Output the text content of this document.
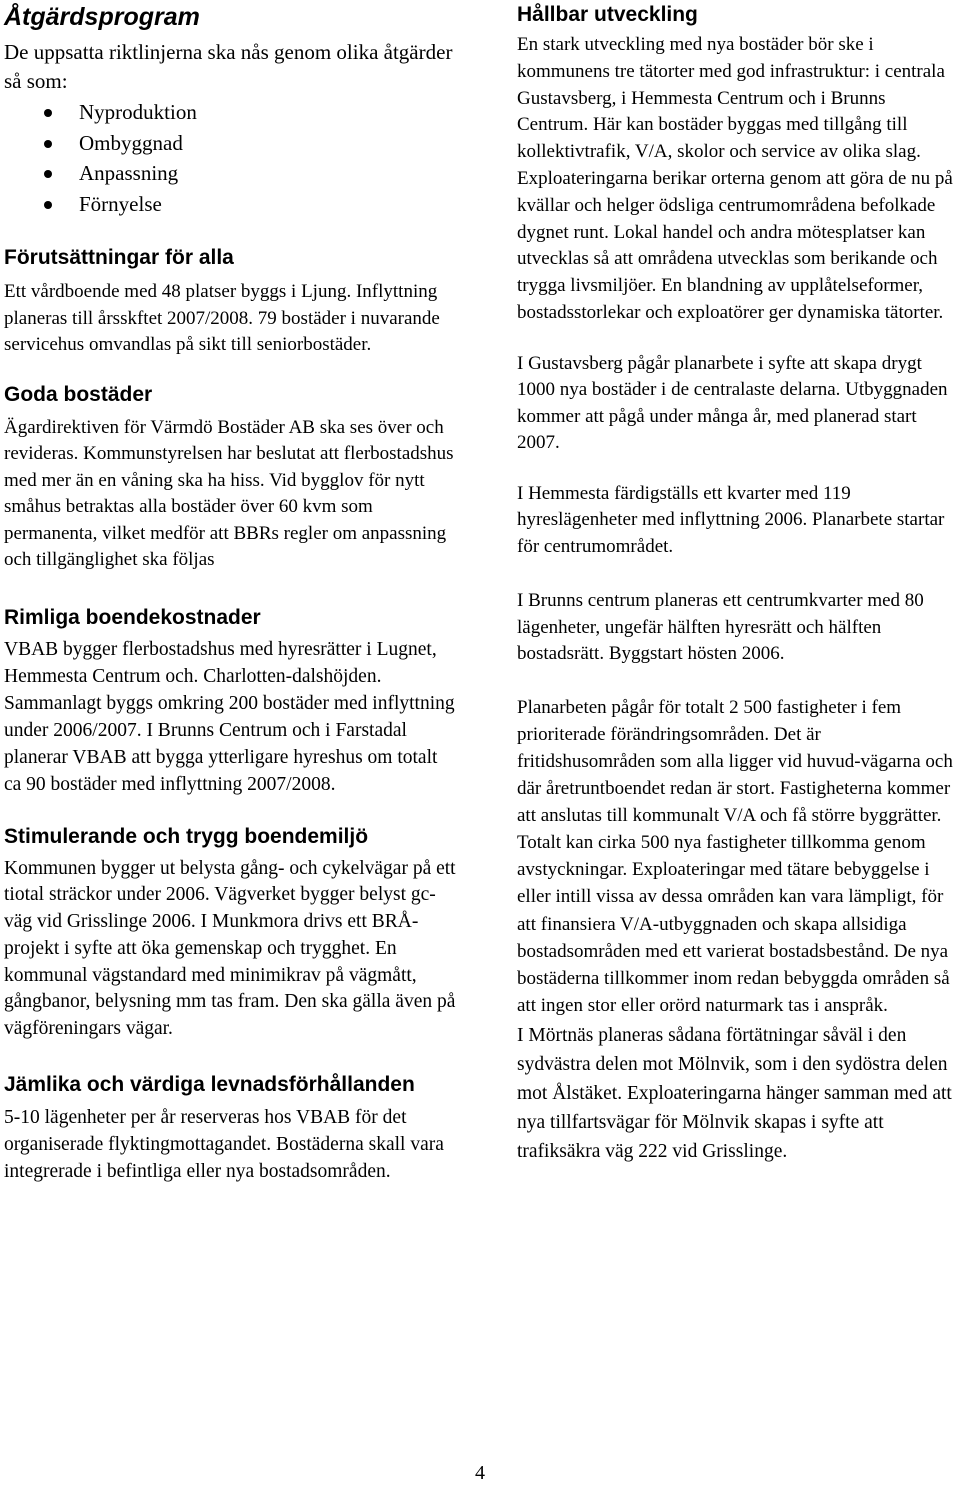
Åtgärdsprogram

De uppsatta riktlinjerna ska nås genom olika åtgärder så som:

Nyproduktion
Ombyggnad
Anpassning
Förnyelse
Förutsättningar för alla

Ett vårdboende med 48 platser byggs i Ljung. Inflyttning planeras till årsskftet 2007/2008. 79 bostäder i nuvarande servicehus omvandlas på sikt till seniorbostäder.

Goda bostäder

Ägardirektiven för Värmdö Bostäder AB ska ses över och revideras. Kommunstyrelsen har beslutat att flerbostadshus med mer än en våning ska ha hiss. Vid bygglov för nytt småhus betraktas alla bostäder över 60 kvm som permanenta, vilket medför att BBRs regler om anpassning och tillgänglighet ska följas

Rimliga boendekostnader

VBAB bygger flerbostadshus med hyresrätter i Lugnet, Hemmesta Centrum och. Charlotten-dalshöjden. Sammanlagt byggs omkring 200 bostäder med inflyttning under 2006/2007. I Brunns Centrum och i Farstadal planerar VBAB att bygga ytterligare hyreshus om totalt ca 90 bostäder med inflyttning 2007/2008.

Stimulerande och trygg boendemiljö

Kommunen bygger ut belysta gång- och cykelvägar på ett tiotal sträckor under 2006. Vägverket bygger belyst gc-väg vid Grisslinge 2006. I Munkmora drivs ett BRÅ-projekt i syfte att öka gemenskap och trygghet. En kommunal vägstandard med minimikrav på vägmått, gångbanor, belysning mm tas fram. Den ska gälla även på vägföreningars vägar.

Jämlika och värdiga levnadsförhållanden

5-10 lägenheter per år reserveras hos VBAB för det organiserade flyktingmottagandet. Bostäderna skall vara integrerade i befintliga eller nya bostadsområden.

Hållbar utveckling

En stark utveckling med nya bostäder bör ske i kommunens tre tätorter med god infrastruktur: i centrala Gustavsberg, i Hemmesta Centrum och i Brunns Centrum. Här kan bostäder byggas med tillgång till kollektivtrafik, V/A, skolor och service av olika slag. Exploateringarna berikar orterna genom att göra de nu på kvällar och helger ödsliga centrumområdena befolkade dygnet runt. Lokal handel och andra mötesplatser kan utvecklas så att områdena utvecklas som berikande och trygga livsmiljöer. En blandning av upplåtelseformer, bostadsstorlekar och exploatörer ger dynamiska tätorter.

I Gustavsberg pågår planarbete i syfte att skapa drygt 1000 nya bostäder i de centralaste delarna. Utbyggnaden kommer att pågå under många år, med planerad start 2007.

I Hemmesta färdigställs ett kvarter med 119 hyreslägenheter med inflyttning 2006. Planarbete startar för centrumområdet.

I Brunns centrum planeras ett centrumkvarter med 80 lägenheter, ungefär hälften hyresrätt och hälften bostadsrätt. Byggstart hösten 2006.

Planarbeten pågår för totalt 2 500 fastigheter i fem prioriterade förändringsområden. Det är fritidshusområden som alla ligger vid huvud-vägarna och där åretruntboendet redan är stort. Fastigheterna kommer att anslutas till kommunalt V/A och få större byggrätter. Totalt kan cirka 500 nya fastigheter tillkomma genom avstyckningar. Exploateringar med tätare bebyggelse i eller intill vissa av dessa områden kan vara lämpligt, för att finansiera V/A-utbyggnaden och skapa allsidiga bostadsområden med ett varierat bostadsbestånd. De nya bostäderna tillkommer inom redan bebyggda områden så att ingen stor eller orörd naturmark tas i anspråk.

I Mörtnäs planeras sådana förtätningar såväl i den sydvästra delen mot Mölnvik, som i den sydöstra delen mot Ålstäket. Exploateringarna hänger samman med att nya tillfartsvägar för Mölnvik skapas i syfte att trafiksäkra väg 222 vid Grisslinge.

4
